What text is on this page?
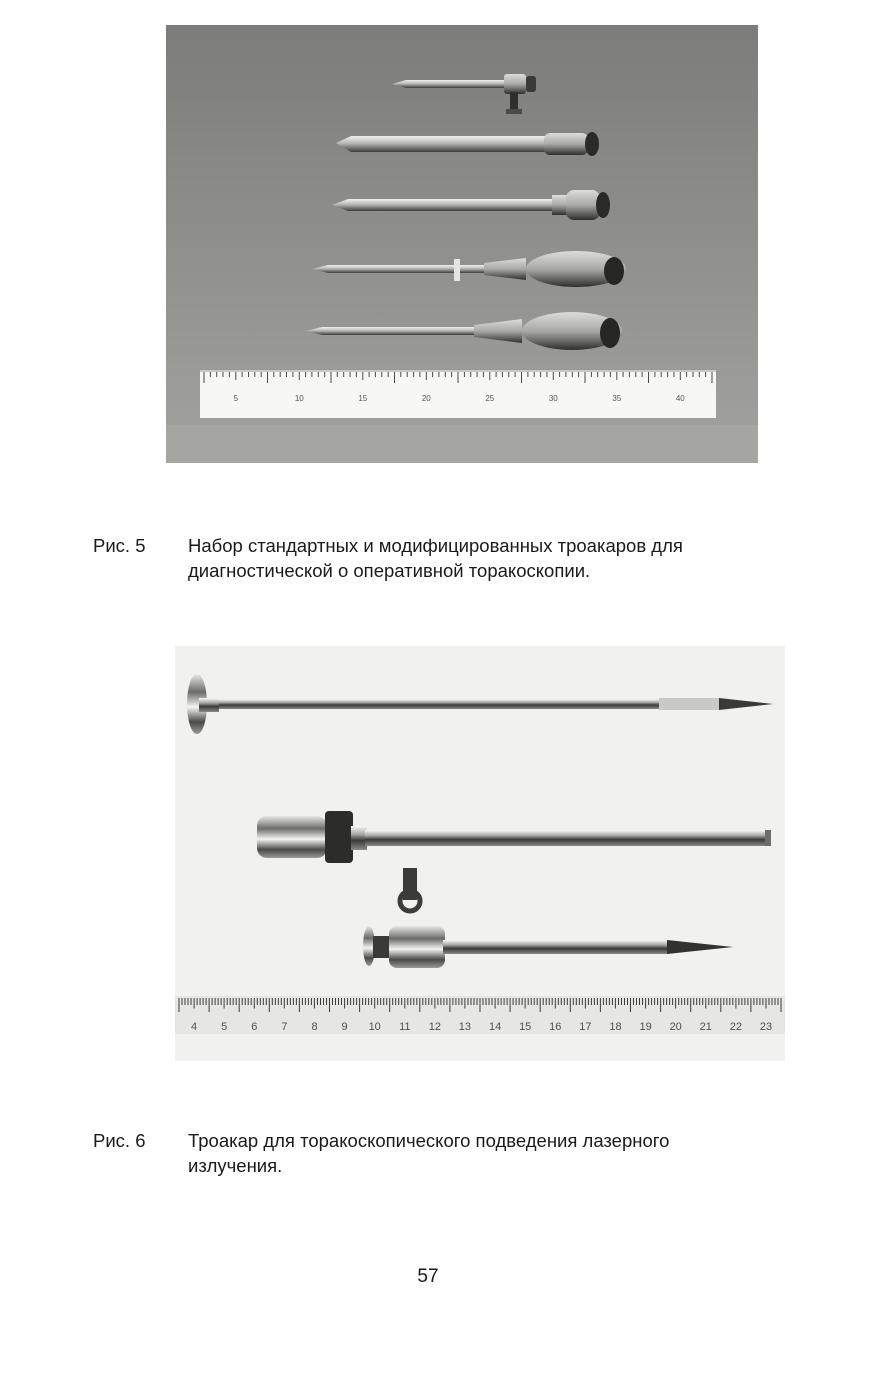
5	10	15	20	25	30	35	40
Рис. 5 Набор стандартных и модифицированных троакаров для
диагностической о оперативной торакоскопии.
4 5 6 7 8 9 10 11 12 13 14 15 16 17 18 19 20 21 22 23
Рис. 6 Троакар для торакоскопического подведения лазерного
излучения.
57
